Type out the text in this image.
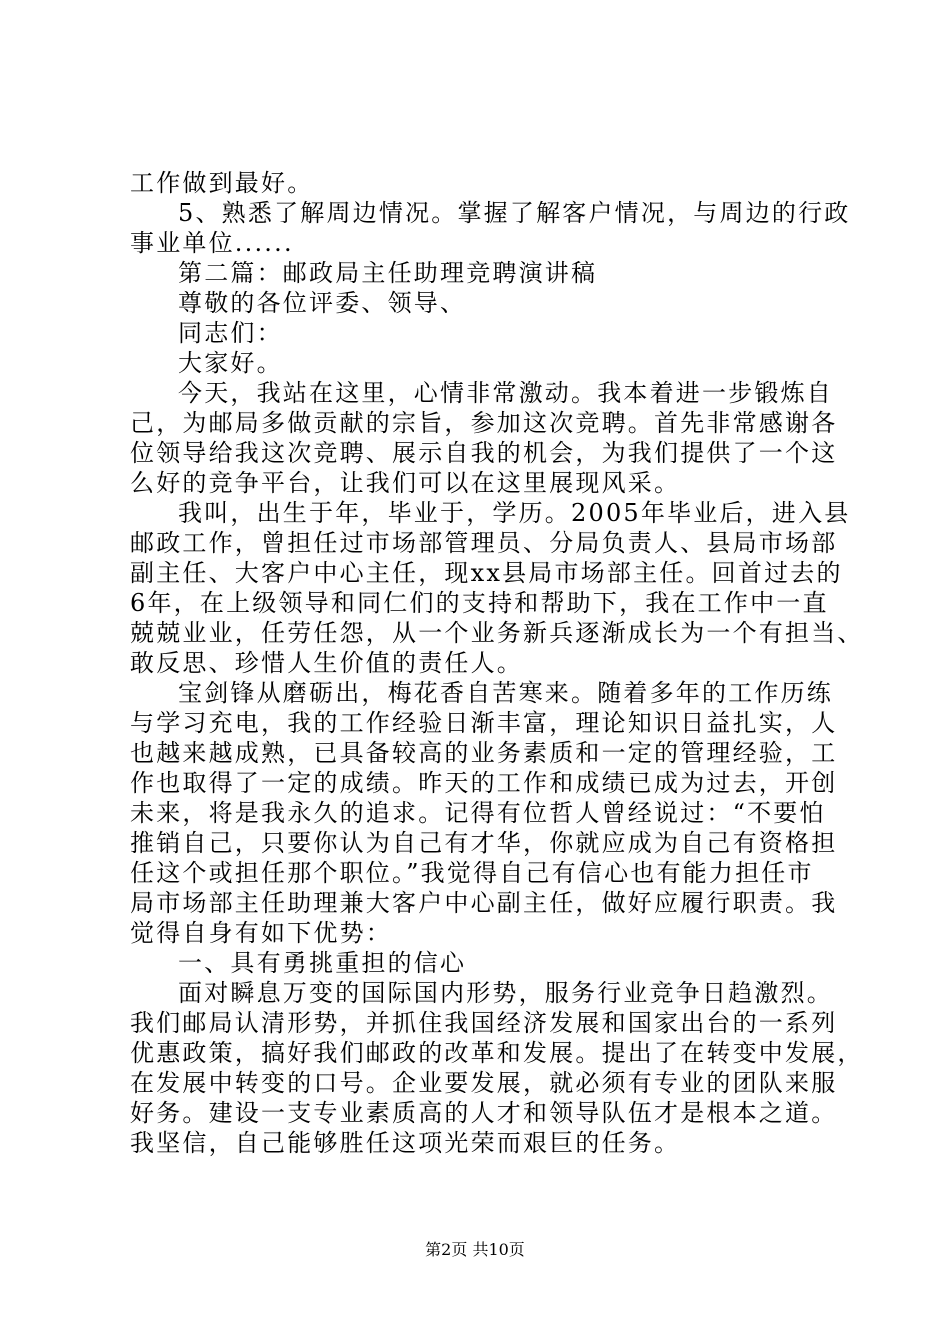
工作做到最好。
5、熟悉了解周边情况。掌握了解客户情况，与周边的行政
事业单位......
第二篇：邮政局主任助理竞聘演讲稿
尊敬的各位评委、领导、
同志们：
大家好。
今天，我站在这里，心情非常激动。我本着进一步锻炼自
己，为邮局多做贡献的宗旨，参加这次竞聘。首先非常感谢各
位领导给我这次竞聘、展示自我的机会，为我们提供了一个这
么好的竞争平台，让我们可以在这里展现风采。
我叫，出生于年，毕业于，学历。2005年毕业后，进入县
邮政工作，曾担任过市场部管理员、分局负责人、县局市场部
副主任、大客户中心主任，现xx县局市场部主任。回首过去的
6年，在上级领导和同仁们的支持和帮助下，我在工作中一直
兢兢业业，任劳任怨，从一个业务新兵逐渐成长为一个有担当、
敢反思、珍惜人生价值的责任人。
宝剑锋从磨砺出，梅花香自苦寒来。随着多年的工作历练
与学习充电，我的工作经验日渐丰富，理论知识日益扎实，人
也越来越成熟，已具备较高的业务素质和一定的管理经验，工
作也取得了一定的成绩。昨天的工作和成绩已成为过去，开创
未来，将是我永久的追求。记得有位哲人曾经说过：“不要怕
推销自己，只要你认为自己有才华，你就应成为自己有资格担
任这个或担任那个职位。”我觉得自己有信心也有能力担任市
局市场部主任助理兼大客户中心副主任，做好应履行职责。我
觉得自身有如下优势：
一、具有勇挑重担的信心
面对瞬息万变的国际国内形势，服务行业竞争日趋激烈。
我们邮局认清形势，并抓住我国经济发展和国家出台的一系列
优惠政策，搞好我们邮政的改革和发展。提出了在转变中发展，
在发展中转变的口号。企业要发展，就必须有专业的团队来服
好务。建设一支专业素质高的人才和领导队伍才是根本之道。
我坚信，自己能够胜任这项光荣而艰巨的任务。
第2页 共10页
